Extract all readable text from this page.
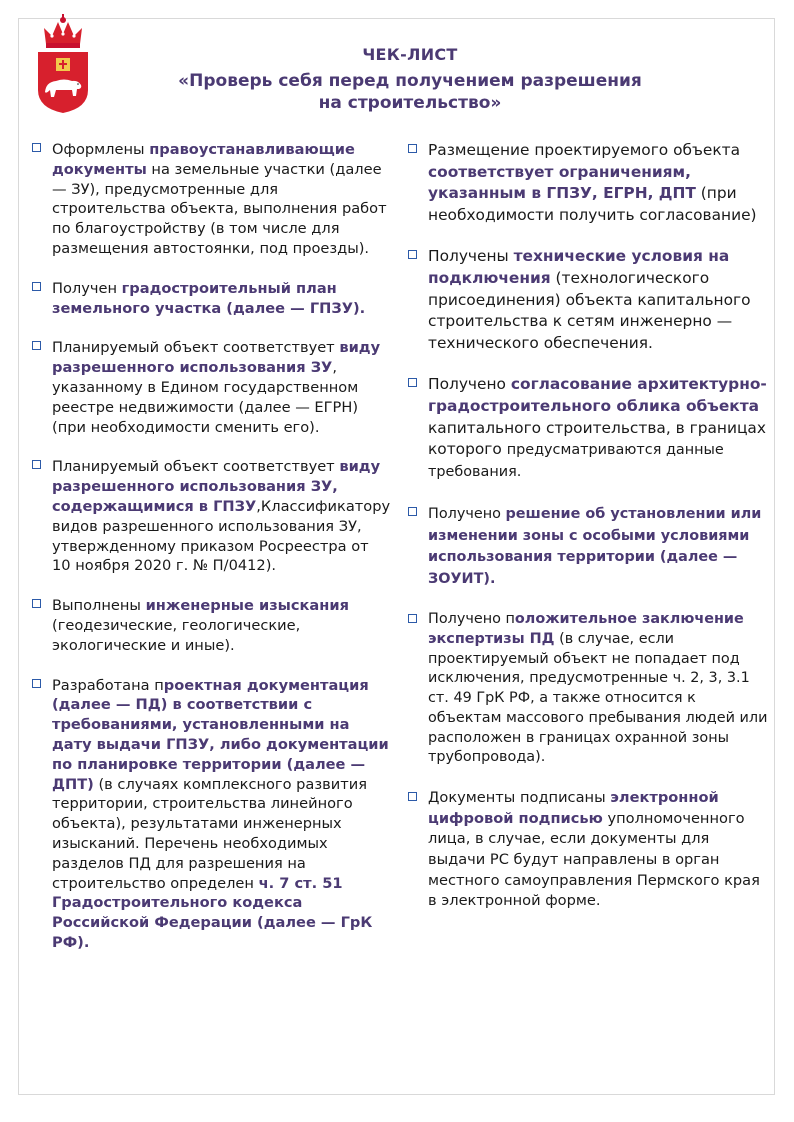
ЧЕК-ЛИСТ
«Проверь себя перед получением разрешения
на строительство»
Оформлены правоустанавливающие документы на земельные участки (далее — ЗУ), предусмотренные для строительства объекта, выполнения работ по благоустройству (в том числе для размещения автостоянки, под проезды).
Получен градостроительный план земельного участка (далее — ГПЗУ).
Планируемый объект соответствует виду разрешенного использования ЗУ, указанному в Едином государственном реестре недвижимости (далее — ЕГРН) (при необходимости сменить его).
Планируемый объект соответствует виду разрешенного использования ЗУ, содержащимися в ГПЗУ,Классификатору видов разрешенного использования ЗУ, утвержденному приказом Росреестра от 10 ноября 2020 г. № П/0412).
Выполнены инженерные изыскания (геодезические, геологические, экологические и иные).
Разработана проектная документация (далее — ПД) в соответствии с требованиями, установленными на дату выдачи ГПЗУ, либо документации по планировке территории (далее — ДПТ) (в случаях комплексного развития территории, строительства линейного объекта), результатами инженерных изысканий. Перечень необходимых разделов ПД для разрешения на строительство определен ч. 7 ст. 51 Градостроительного кодекса Российской Федерации (далее — ГрК РФ).
Размещение проектируемого объекта соответствует ограничениям, указанным в ГПЗУ, ЕГРН, ДПТ (при необходимости получить согласование)
Получены технические условия на подключения (технологического присоединения) объекта капитального строительства к сетям инженерно — технического обеспечения.
Получено согласование архитектурно-градостроительного облика объекта капитального строительства, в границах которого предусматриваются данные требования.
Получено решение об установлении или изменении зоны с особыми условиями использования территории (далее — ЗОУИТ).
Получено положительное заключение экспертизы ПД (в случае, если проектируемый объект не попадает под исключения, предусмотренные ч. 2, 3, 3.1 ст. 49 ГрК РФ, а также относится к объектам массового пребывания людей или расположен в границах охранной зоны трубопровода).
Документы подписаны электронной цифровой подписью уполномоченного лица, в случае, если документы для выдачи РС будут направлены в орган местного самоуправления Пермского края в электронной форме.
